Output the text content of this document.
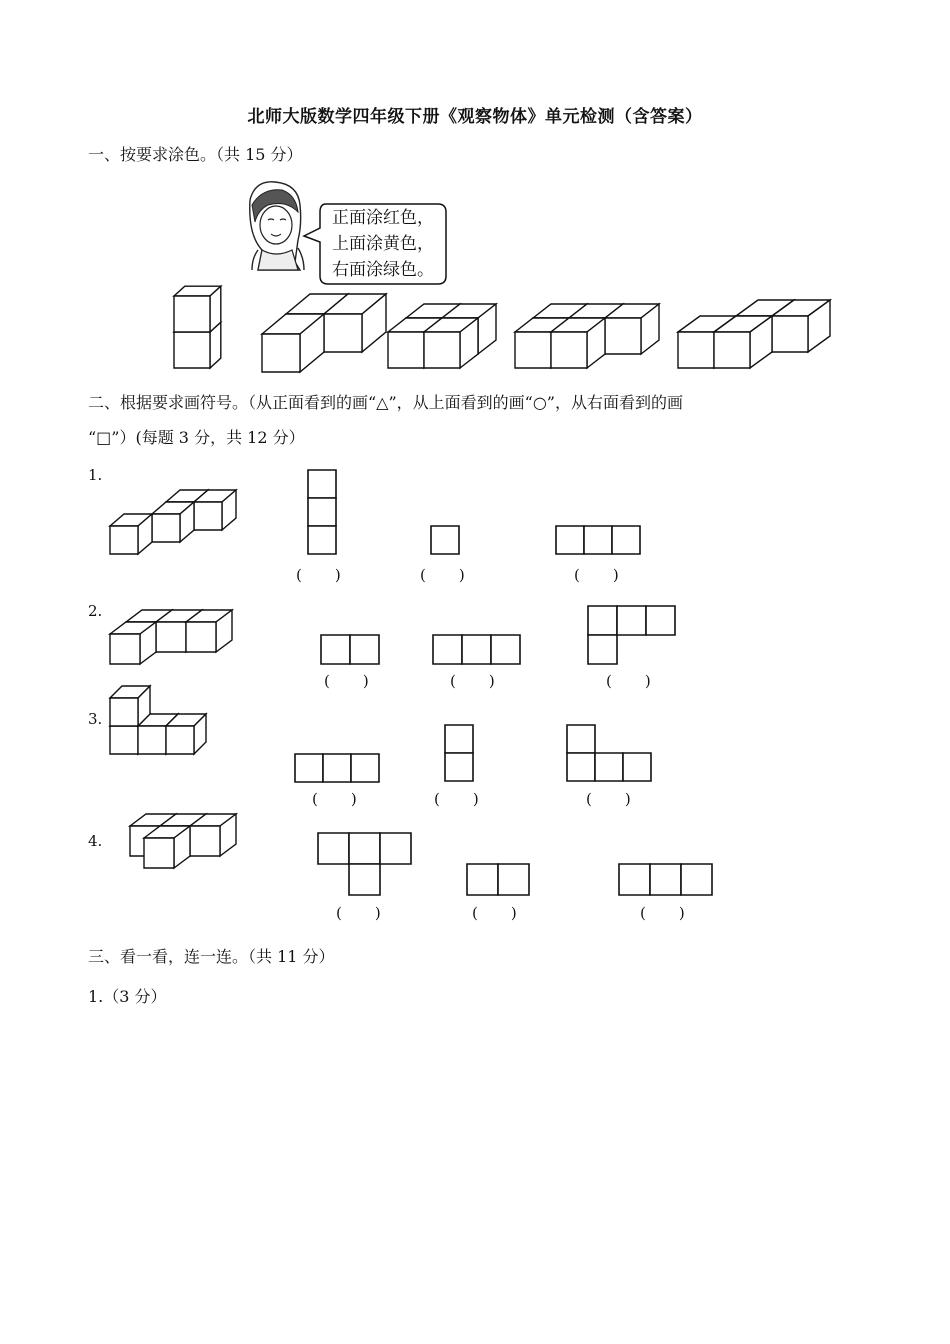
北师大版数学四年级下册《观察物体》单元检测（含答案）
一、按要求涂色。（共 15 分）
正面涂红色，
上面涂黄色，
右面涂绿色。
二、根据要求画符号。（从正面看到的画“△”，从上面看到的画“○”，从右面看到的画
“□”）(每题 3 分，共 12 分）
1.
2.
3.
4.
(　　)	(　　)	(　　)
(　　)	(　　)	(　　)
(　　)	(　　)	(　　)
(　　)	(　　)	(　　)
三、看一看，连一连。（共 11 分）
1.（3 分）
